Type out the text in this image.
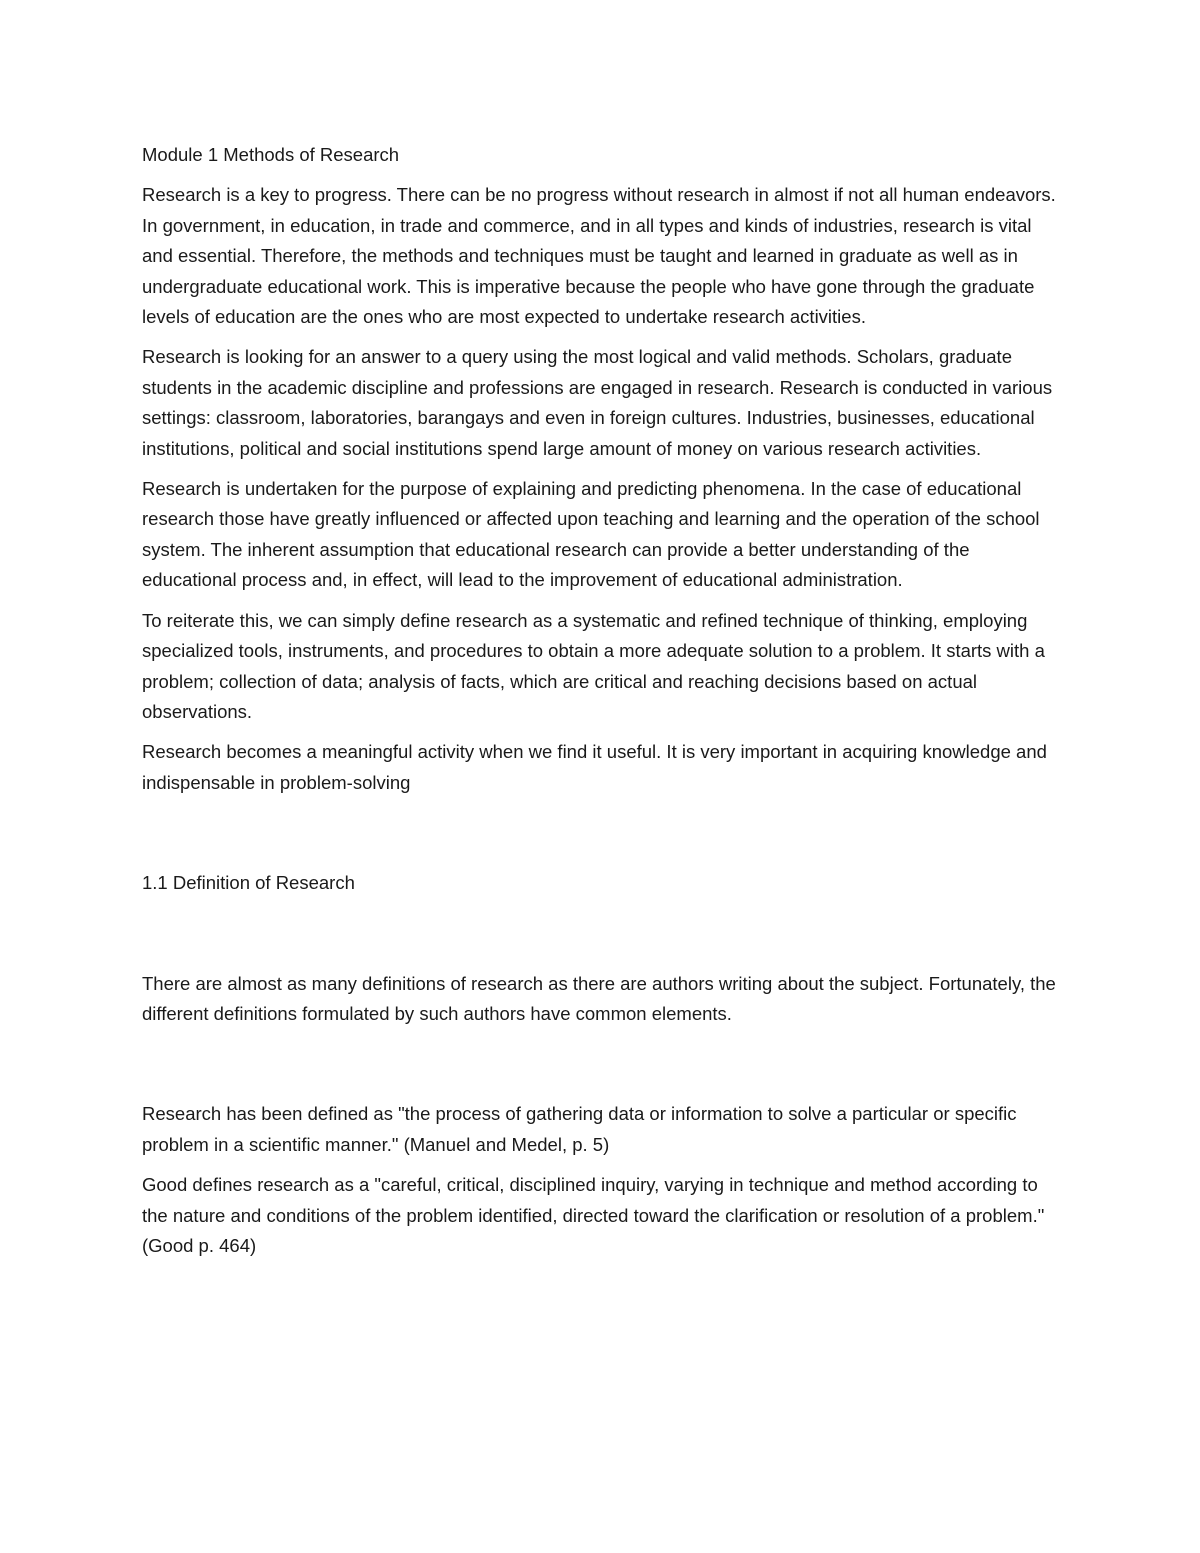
Module 1 Methods of Research

Research is a key to progress. There can be no progress without research in almost if not all human endeavors. In government, in education, in trade and commerce, and in all types and kinds of industries, research is vital and essential. Therefore, the methods and techniques must be taught and learned in graduate as well as in undergraduate educational work. This is imperative because the people who have gone through the graduate levels of education are the ones who are most expected to undertake research activities.

Research is looking for an answer to a query using the most logical and valid methods. Scholars, graduate students in the academic discipline and professions are engaged in research. Research is conducted in various settings: classroom, laboratories, barangays and even in foreign cultures. Industries, businesses, educational institutions, political and social institutions spend large amount of money on various research activities.

Research is undertaken for the purpose of explaining and predicting phenomena. In the case of educational research those have greatly influenced or affected upon teaching and learning and the operation of the school system. The inherent assumption that educational research can provide a better understanding of the educational process and, in effect, will lead to the improvement of educational administration.

To reiterate this, we can simply define research as a systematic and refined technique of thinking, employing specialized tools, instruments, and procedures to obtain a more adequate solution to a problem. It starts with a problem; collection of data; analysis of facts, which are critical and reaching decisions based on actual observations.

Research becomes a meaningful activity when we find it useful. It is very important in acquiring knowledge and indispensable in problem-solving

1.1 Definition of Research

There are almost as many definitions of research as there are authors writing about the subject. Fortunately, the different definitions formulated by such authors have common elements.

Research has been defined as "the process of gathering data or information to solve a particular or specific problem in a scientific manner." (Manuel and Medel, p. 5)

Good defines research as a "careful, critical, disciplined inquiry, varying in technique and method according to the nature and conditions of the problem identified, directed toward the clarification or resolution of a problem." (Good p. 464)
